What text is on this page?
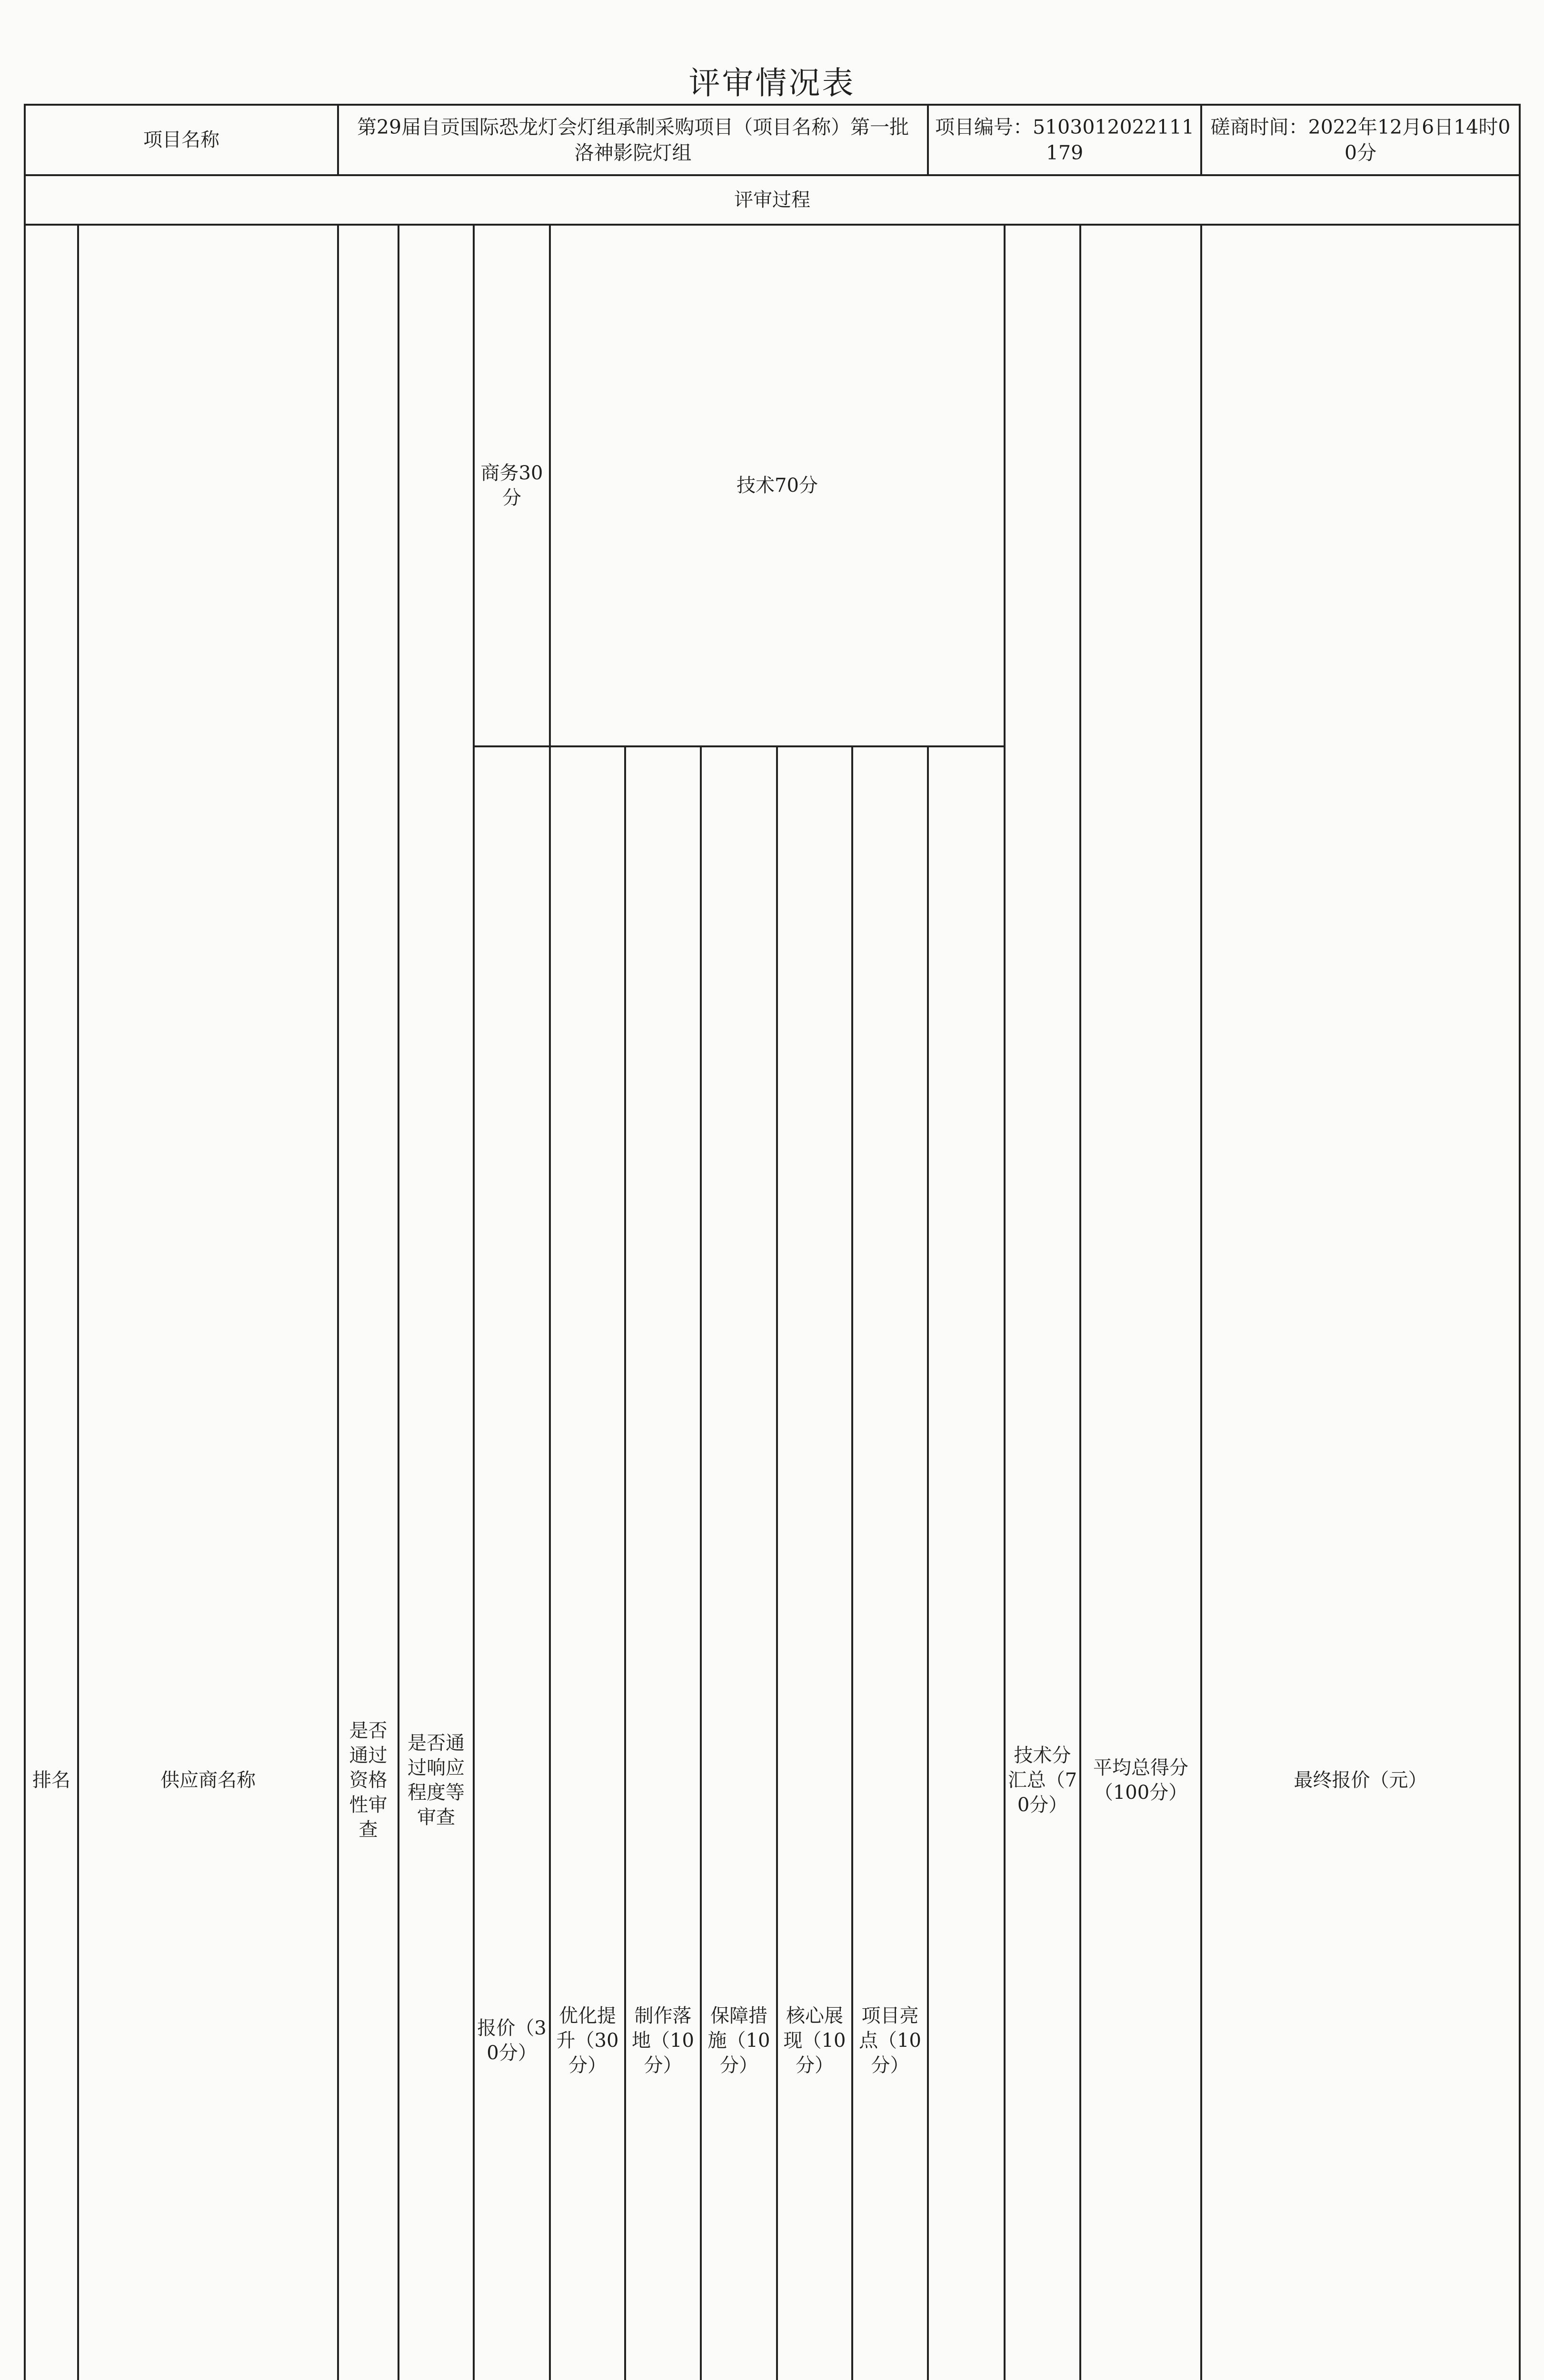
评审情况表
项目名称		第29届自贡国际恐龙灯会灯组承制采购项目（项目名称）第一批洛神影院灯组								项目编号：5103012022111179			磋商时间：2022年12月6日14时00分	
评审过程														
排名	供应商名称	是否通过资格性审查	是否通过响应程度等审查	商务30分	技术70分						技术分汇总（70分）	平均总得分（100分）	最终报价（元）	

				报价（30分）	优化提升（30分）	制作落地（10分）	保障措施（10分）	核心展现（10分）	项目亮点（10分）					
